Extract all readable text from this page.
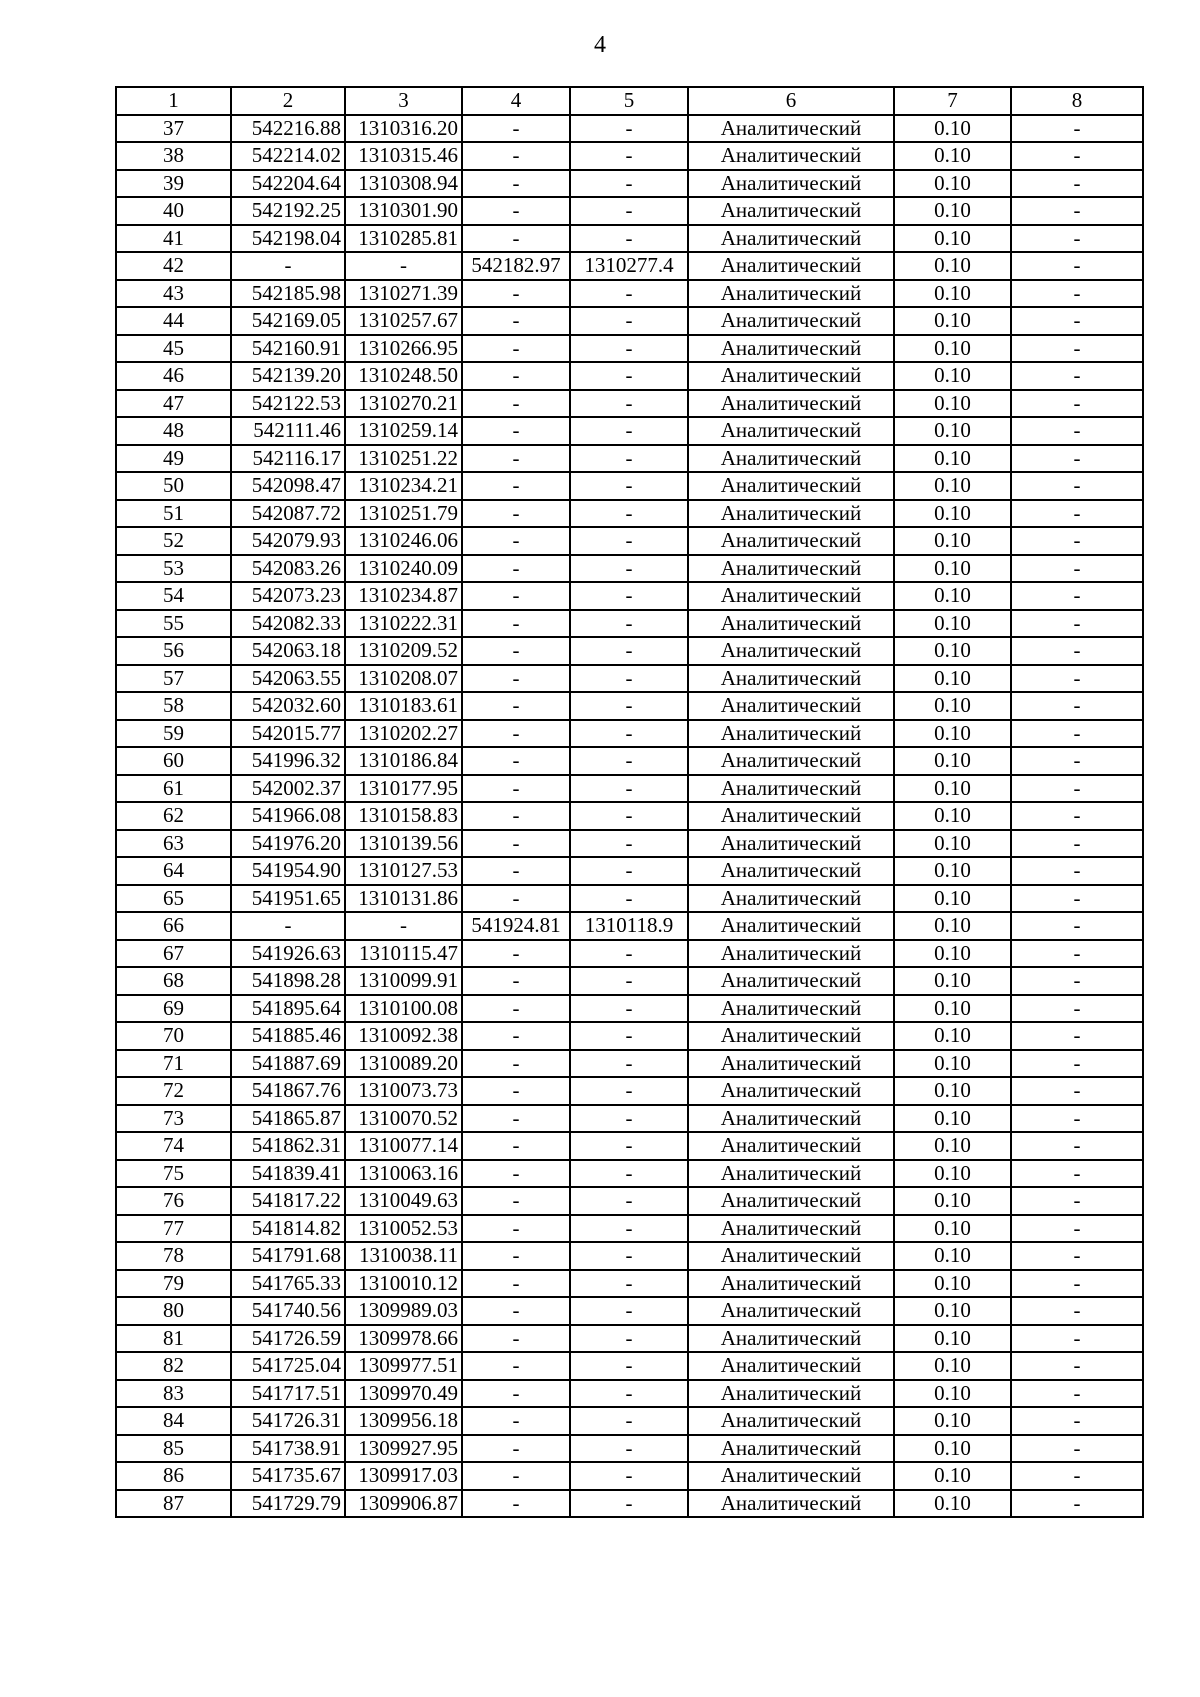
4
1	2	3	4	5	6	7	8
37	542216.88	1310316.20	-	-	Аналитический	0.10	-
38	542214.02	1310315.46	-	-	Аналитический	0.10	-
39	542204.64	1310308.94	-	-	Аналитический	0.10	-
40	542192.25	1310301.90	-	-	Аналитический	0.10	-
41	542198.04	1310285.81	-	-	Аналитический	0.10	-
42	-	-	542182.97	1310277.4	Аналитический	0.10	-
43	542185.98	1310271.39	-	-	Аналитический	0.10	-
44	542169.05	1310257.67	-	-	Аналитический	0.10	-
45	542160.91	1310266.95	-	-	Аналитический	0.10	-
46	542139.20	1310248.50	-	-	Аналитический	0.10	-
47	542122.53	1310270.21	-	-	Аналитический	0.10	-
48	542111.46	1310259.14	-	-	Аналитический	0.10	-
49	542116.17	1310251.22	-	-	Аналитический	0.10	-
50	542098.47	1310234.21	-	-	Аналитический	0.10	-
51	542087.72	1310251.79	-	-	Аналитический	0.10	-
52	542079.93	1310246.06	-	-	Аналитический	0.10	-
53	542083.26	1310240.09	-	-	Аналитический	0.10	-
54	542073.23	1310234.87	-	-	Аналитический	0.10	-
55	542082.33	1310222.31	-	-	Аналитический	0.10	-
56	542063.18	1310209.52	-	-	Аналитический	0.10	-
57	542063.55	1310208.07	-	-	Аналитический	0.10	-
58	542032.60	1310183.61	-	-	Аналитический	0.10	-
59	542015.77	1310202.27	-	-	Аналитический	0.10	-
60	541996.32	1310186.84	-	-	Аналитический	0.10	-
61	542002.37	1310177.95	-	-	Аналитический	0.10	-
62	541966.08	1310158.83	-	-	Аналитический	0.10	-
63	541976.20	1310139.56	-	-	Аналитический	0.10	-
64	541954.90	1310127.53	-	-	Аналитический	0.10	-
65	541951.65	1310131.86	-	-	Аналитический	0.10	-
66	-	-	541924.81	1310118.9	Аналитический	0.10	-
67	541926.63	1310115.47	-	-	Аналитический	0.10	-
68	541898.28	1310099.91	-	-	Аналитический	0.10	-
69	541895.64	1310100.08	-	-	Аналитический	0.10	-
70	541885.46	1310092.38	-	-	Аналитический	0.10	-
71	541887.69	1310089.20	-	-	Аналитический	0.10	-
72	541867.76	1310073.73	-	-	Аналитический	0.10	-
73	541865.87	1310070.52	-	-	Аналитический	0.10	-
74	541862.31	1310077.14	-	-	Аналитический	0.10	-
75	541839.41	1310063.16	-	-	Аналитический	0.10	-
76	541817.22	1310049.63	-	-	Аналитический	0.10	-
77	541814.82	1310052.53	-	-	Аналитический	0.10	-
78	541791.68	1310038.11	-	-	Аналитический	0.10	-
79	541765.33	1310010.12	-	-	Аналитический	0.10	-
80	541740.56	1309989.03	-	-	Аналитический	0.10	-
81	541726.59	1309978.66	-	-	Аналитический	0.10	-
82	541725.04	1309977.51	-	-	Аналитический	0.10	-
83	541717.51	1309970.49	-	-	Аналитический	0.10	-
84	541726.31	1309956.18	-	-	Аналитический	0.10	-
85	541738.91	1309927.95	-	-	Аналитический	0.10	-
86	541735.67	1309917.03	-	-	Аналитический	0.10	-
87	541729.79	1309906.87	-	-	Аналитический	0.10	-
